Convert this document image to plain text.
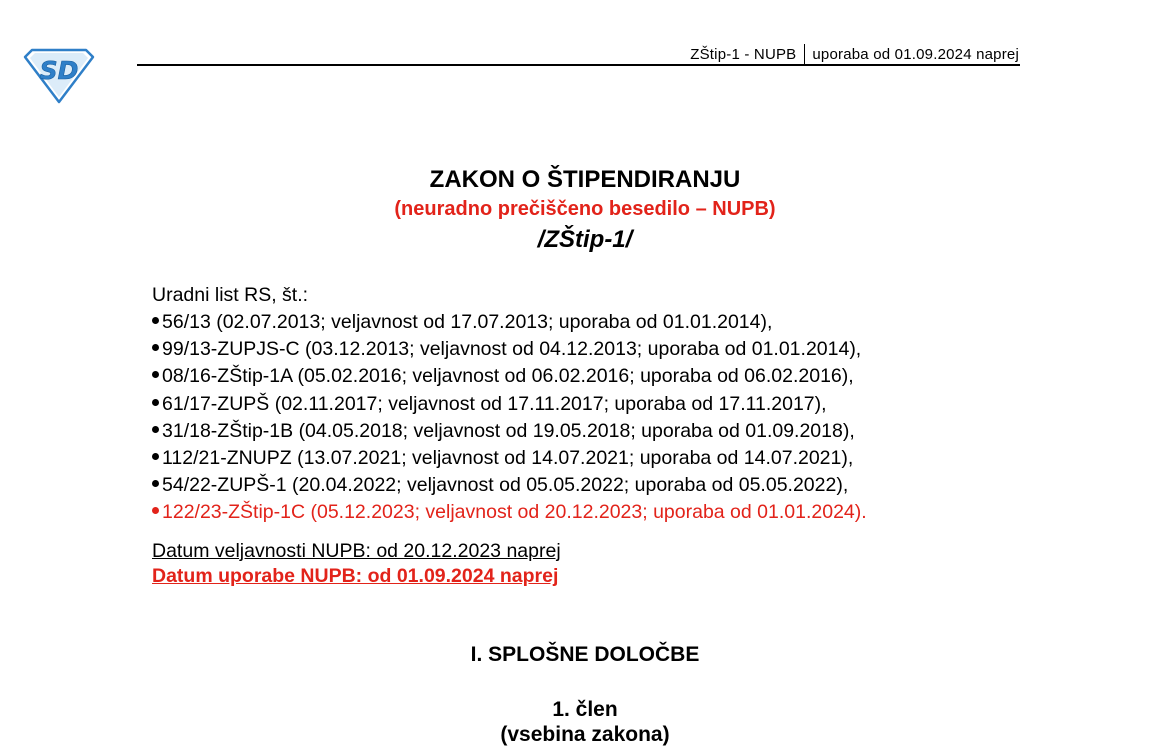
SD
ZŠtip-1 - NUPB uporaba od 01.09.2024 naprej
ZAKON O ŠTIPENDIRANJU
(neuradno prečiščeno besedilo – NUPB)
/ZŠtip-1/
Uradni list RS, št.:
56/13 (02.07.2013; veljavnost od 17.07.2013; uporaba od 01.01.2014),
99/13-ZUPJS-C (03.12.2013; veljavnost od 04.12.2013; uporaba od 01.01.2014),
08/16-ZŠtip-1A (05.02.2016; veljavnost od 06.02.2016; uporaba od 06.02.2016),
61/17-ZUPŠ (02.11.2017; veljavnost od 17.11.2017; uporaba od 17.11.2017),
31/18-ZŠtip-1B (04.05.2018; veljavnost od 19.05.2018; uporaba od 01.09.2018),
112/21-ZNUPZ (13.07.2021; veljavnost od 14.07.2021; uporaba od 14.07.2021),
54/22-ZUPŠ-1 (20.04.2022; veljavnost od 05.05.2022; uporaba od 05.05.2022),
122/23-ZŠtip-1C (05.12.2023; veljavnost od 20.12.2023; uporaba od 01.01.2024).
Datum veljavnosti NUPB: od 20.12.2023 naprej
Datum uporabe NUPB: od 01.09.2024 naprej
I. SPLOŠNE DOLOČBE
1. člen
(vsebina zakona)
